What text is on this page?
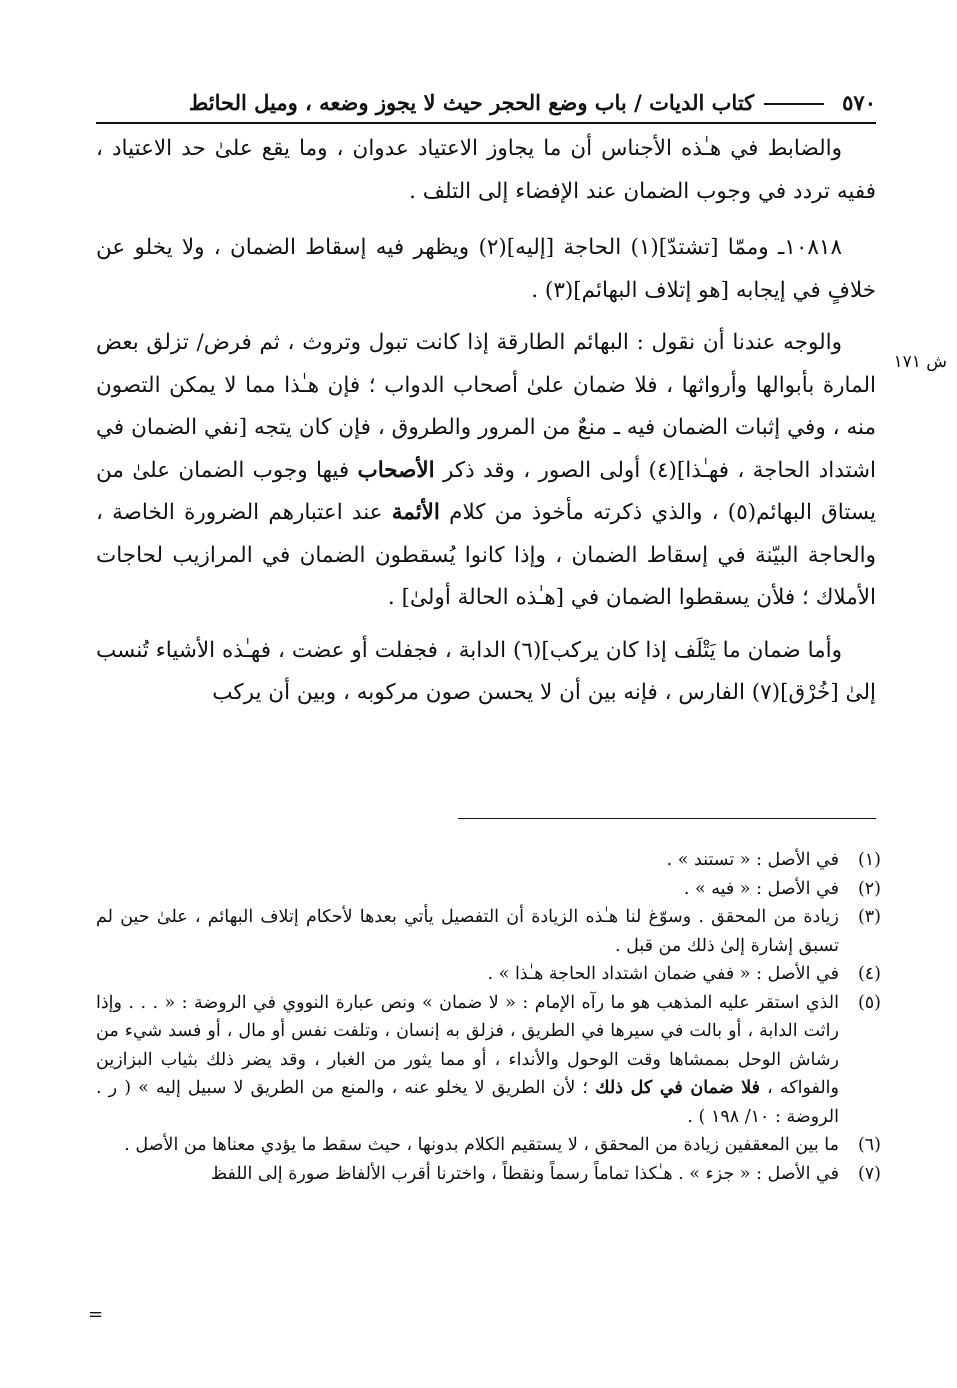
٥٧٠
كتاب الديات / باب وضع الحجر حيث لا يجوز وضعه ، وميل الحائط
ش ١٧١

والضابط في هـٰذه الأجناس أن ما يجاوز الاعتياد عدوان ، وما يقع علىٰ حد الاعتياد ، ففيه تردد في وجوب الضمان عند الإفضاء إلى التلف .

١٠٨١٨ـ وممّا [تشتدّ](١) الحاجة [إليه](٢) ويظهر فيه إسقاط الضمان ، ولا يخلو عن خلافٍ في إيجابه [هو إتلاف البهائم](٣) .

والوجه عندنا أن نقول : البهائم الطارقة إذا كانت تبول وتروث ، ثم فرض/ تزلق بعض المارة بأبوالها وأرواثها ، فلا ضمان علىٰ أصحاب الدواب ؛ فإن هـٰذا مما لا يمكن التصون منه ، وفي إثبات الضمان فيه ـ منعٌ من المرور والطروق ، فإن كان يتجه [نفي الضمان في اشتداد الحاجة ، فهـٰذا](٤) أولى الصور ، وقد ذكر الأصحاب فيها وجوب الضمان علىٰ من يستاق البهائم(٥) ، والذي ذكرته مأخوذ من كلام الأئمة عند اعتبارهم الضرورة الخاصة ، والحاجة البيّنة في إسقاط الضمان ، وإذا كانوا يُسقطون الضمان في المرازيب لحاجات الأملاك ؛ فلأن يسقطوا الضمان في [هـٰذه الحالة أولىٰ] .

وأما ضمان ما يَتْلَف إذا كان يركب](٦) الدابة ، فجفلت أو عضت ، فهـٰذه الأشياء تُنسب إلىٰ [خُرْق](٧) الفارس ، فإنه بين أن لا يحسن صون مركوبه ، وبين أن يركب

(١)
في الأصل : « تستند » .
(٢)
في الأصل : « فيه » .
(٣)
زيادة من المحقق . وسوّغ لنا هـٰذه الزيادة أن التفصيل يأتي بعدها لأحكام إتلاف البهائم ، علىٰ حين لم تسبق إشارة إلىٰ ذلك من قبل .
(٤)
في الأصل : « ففي ضمان اشتداد الحاجة هـٰذا » .
(٥)
الذي استقر عليه المذهب هو ما رآه الإمام : « لا ضمان » ونص عبارة النووي في الروضة : « . . . وإذا راثت الدابة ، أو بالت في سيرها في الطريق ، فزلق به إنسان ، وتلفت نفس أو مال ، أو فسد شيء من رشاش الوحل بممشاها وقت الوحول والأنداء ، أو مما يثور من الغبار ، وقد يضر ذلك بثياب البزازين والفواكه ، فلا ضمان في كل ذلك ؛ لأن الطريق لا يخلو عنه ، والمنع من الطريق لا سبيل إليه » ( ر . الروضة : ١٠/ ١٩٨ ) .
(٦)
ما بين المعقفين زيادة من المحقق ، لا يستقيم الكلام بدونها ، حيث سقط ما يؤدي معناها من الأصل .
(٧)
في الأصل : « جزء » . هـٰكذا تماماً رسماً ونقطاً ، واخترنا أقرب الألفاظ صورة إلى اللفظ
=
